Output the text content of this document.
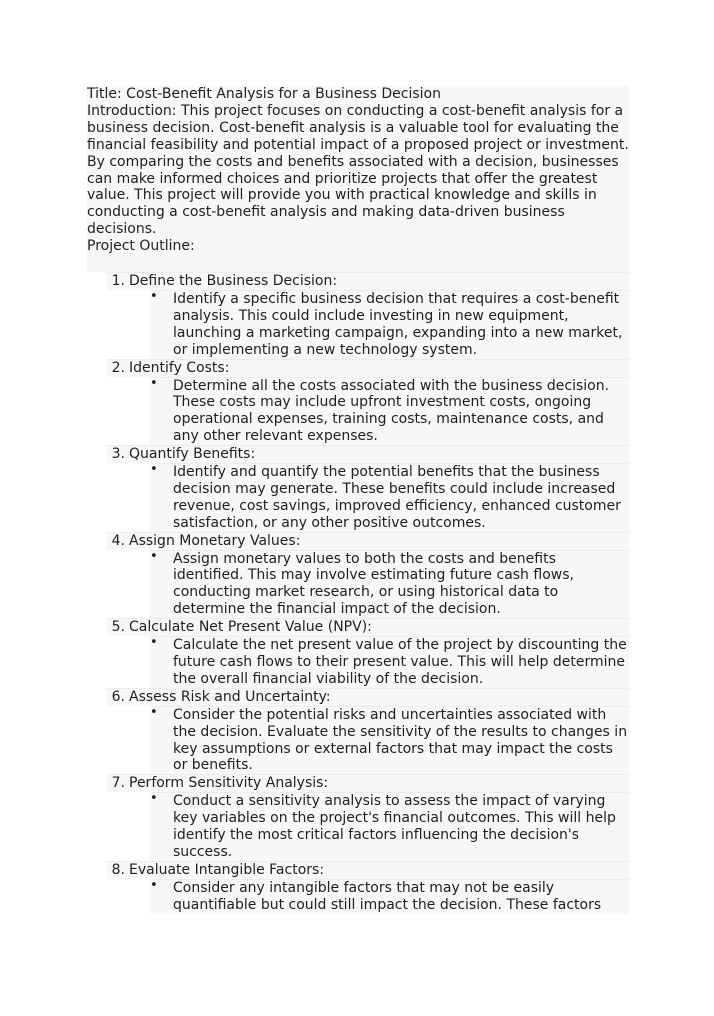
Title: Cost-Benefit Analysis for a Business Decision

Introduction: This project focuses on conducting a cost-benefit analysis for a business decision. Cost-benefit analysis is a valuable tool for evaluating the financial feasibility and potential impact of a proposed project or investment. By comparing the costs and benefits associated with a decision, businesses can make informed choices and prioritize projects that offer the greatest value. This project will provide you with practical knowledge and skills in conducting a cost-benefit analysis and making data-driven business decisions.

Project Outline:

1. Define the Business Decision:
• Identify a specific business decision that requires a cost-benefit analysis. This could include investing in new equipment, launching a marketing campaign, expanding into a new market, or implementing a new technology system.
2. Identify Costs:
• Determine all the costs associated with the business decision. These costs may include upfront investment costs, ongoing operational expenses, training costs, maintenance costs, and any other relevant expenses.
3. Quantify Benefits:
• Identify and quantify the potential benefits that the business decision may generate. These benefits could include increased revenue, cost savings, improved efficiency, enhanced customer satisfaction, or any other positive outcomes.
4. Assign Monetary Values:
• Assign monetary values to both the costs and benefits identified. This may involve estimating future cash flows, conducting market research, or using historical data to determine the financial impact of the decision.
5. Calculate Net Present Value (NPV):
• Calculate the net present value of the project by discounting the future cash flows to their present value. This will help determine the overall financial viability of the decision.
6. Assess Risk and Uncertainty:
• Consider the potential risks and uncertainties associated with the decision. Evaluate the sensitivity of the results to changes in key assumptions or external factors that may impact the costs or benefits.
7. Perform Sensitivity Analysis:
• Conduct a sensitivity analysis to assess the impact of varying key variables on the project's financial outcomes. This will help identify the most critical factors influencing the decision's success.
8. Evaluate Intangible Factors:
• Consider any intangible factors that may not be easily quantifiable but could still impact the decision. These factors
